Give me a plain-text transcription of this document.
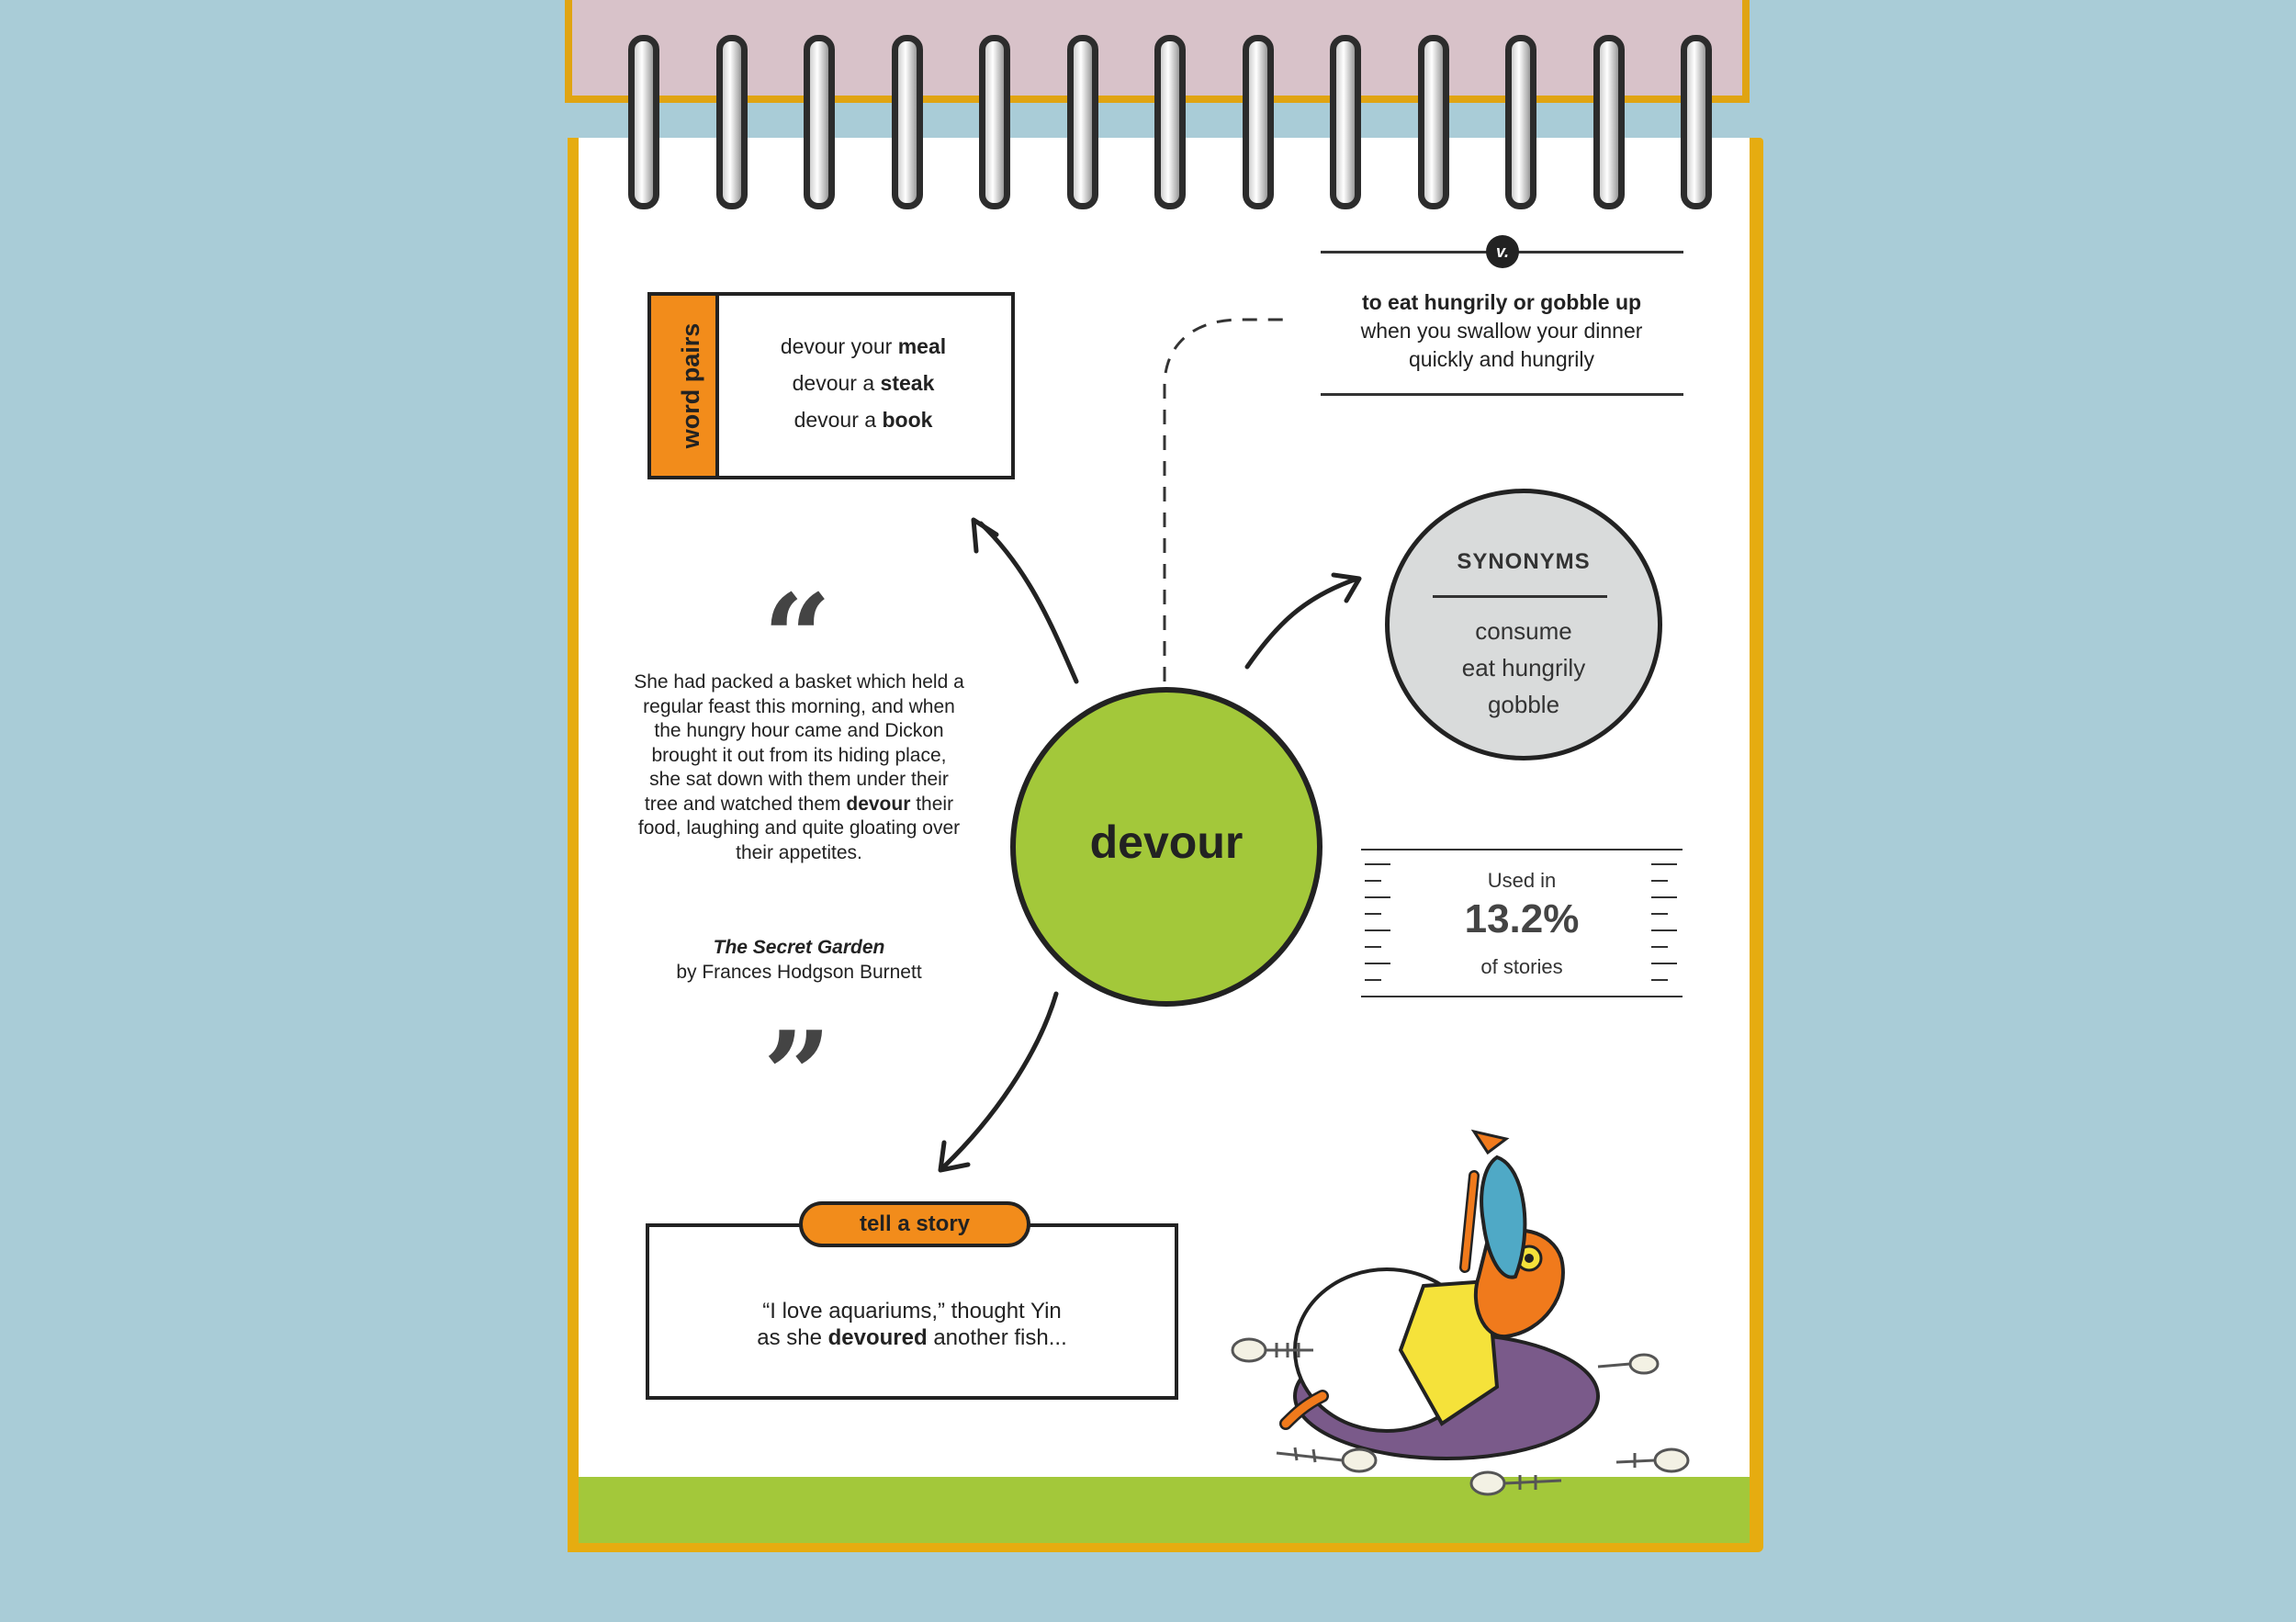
word pairs	devour your meal
devour a steak
devour a book
v.
to eat hungrily or gobble up
when you swallow your dinner
quickly and hungrily
SYNONYMS
consume
eat hungrily
gobble
devour
“
She had packed a basket which held a regular feast this morning, and when the hungry hour came and Dickon brought it out from its hiding place, she sat down with them under their tree and watched them devour their food, laughing and quite gloating over their appetites.
The Secret Garden
by Frances Hodgson Burnett
”
Used in
13.2%
of stories
tell a story
“I love aquariums,” thought Yin
as she devoured another fish...
